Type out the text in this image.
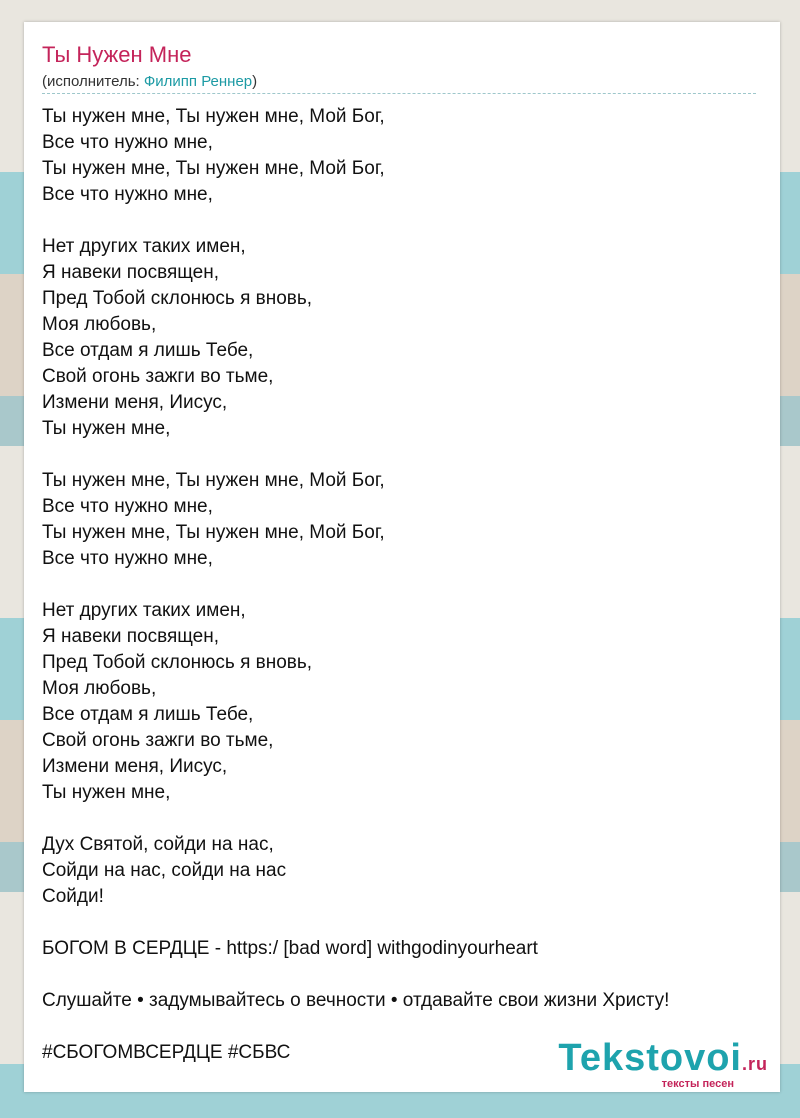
Ты Нужен Мне
(исполнитель: Филипп Реннер)
Ты нужен мне, Ты нужен мне, Мой Бог,
Все что нужно мне,
Ты нужен мне, Ты нужен мне, Мой Бог,
Все что нужно мне,
Нет других таких имен,
Я навеки посвящен,
Пред Тобой склонюсь я вновь,
Моя любовь,
Все отдам я лишь Тебе,
Свой огонь зажги во тьме,
Измени меня, Иисус,
Ты нужен мне,
Ты нужен мне, Ты нужен мне, Мой Бог,
Все что нужно мне,
Ты нужен мне, Ты нужен мне, Мой Бог,
Все что нужно мне,
Нет других таких имен,
Я навеки посвящен,
Пред Тобой склонюсь я вновь,
Моя любовь,
Все отдам я лишь Тебе,
Свой огонь зажги во тьме,
Измени меня, Иисус,
Ты нужен мне,
Дух Святой, сойди на нас,
Сойди на нас, сойди на нас
Сойди!
БОГОМ В СЕРДЦЕ - https:/ [bad word] withgodinyourheart
Слушайте • задумывайтесь о вечности • отдавайте свои жизни Христу!
#СБОГОМВСЕРДЦЕ #СБВС	Tekstovoi.ru
тексты песен
